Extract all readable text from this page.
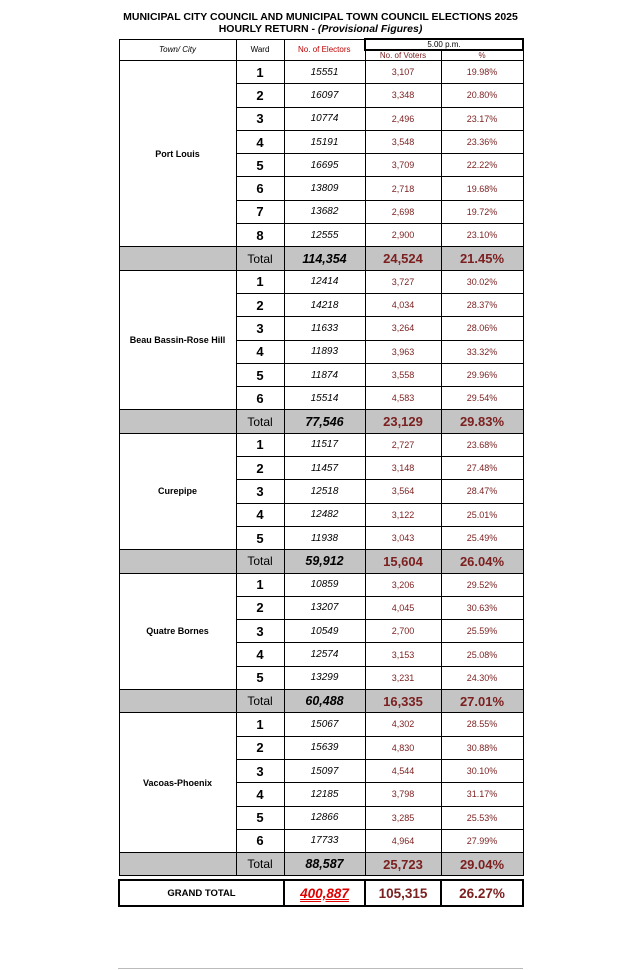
MUNICIPAL CITY COUNCIL AND MUNICIPAL TOWN COUNCIL ELECTIONS 2025
HOURLY RETURN - (Provisional Figures)
Town/ City	Ward	No. of Electors	5.00 p.m.	
			No. of Voters	%
Port Louis	1	15551	3,107	19.98%
	2	16097	3,348	20.80%
	3	10774	2,496	23.17%
	4	15191	3,548	23.36%
	5	16695	3,709	22.22%
	6	13809	2,718	19.68%
	7	13682	2,698	19.72%
	8	12555	2,900	23.10%
	Total	114,354	24,524	21.45%
Beau Bassin-Rose Hill	1	12414	3,727	30.02%
	2	14218	4,034	28.37%
	3	11633	3,264	28.06%
	4	11893	3,963	33.32%
	5	11874	3,558	29.96%
	6	15514	4,583	29.54%
	Total	77,546	23,129	29.83%
Curepipe	1	11517	2,727	23.68%
	2	11457	3,148	27.48%
	3	12518	3,564	28.47%
	4	12482	3,122	25.01%
	5	11938	3,043	25.49%
	Total	59,912	15,604	26.04%
Quatre Bornes	1	10859	3,206	29.52%
	2	13207	4,045	30.63%
	3	10549	2,700	25.59%
	4	12574	3,153	25.08%
	5	13299	3,231	24.30%
	Total	60,488	16,335	27.01%
Vacoas-Phoenix	1	15067	4,302	28.55%
	2	15639	4,830	30.88%
	3	15097	4,544	30.10%
	4	12185	3,798	31.17%
	5	12866	3,285	25.53%
	6	17733	4,964	27.99%
	Total	88,587	25,723	29.04%

GRAND TOTAL		400,887	105,315	26.27%
